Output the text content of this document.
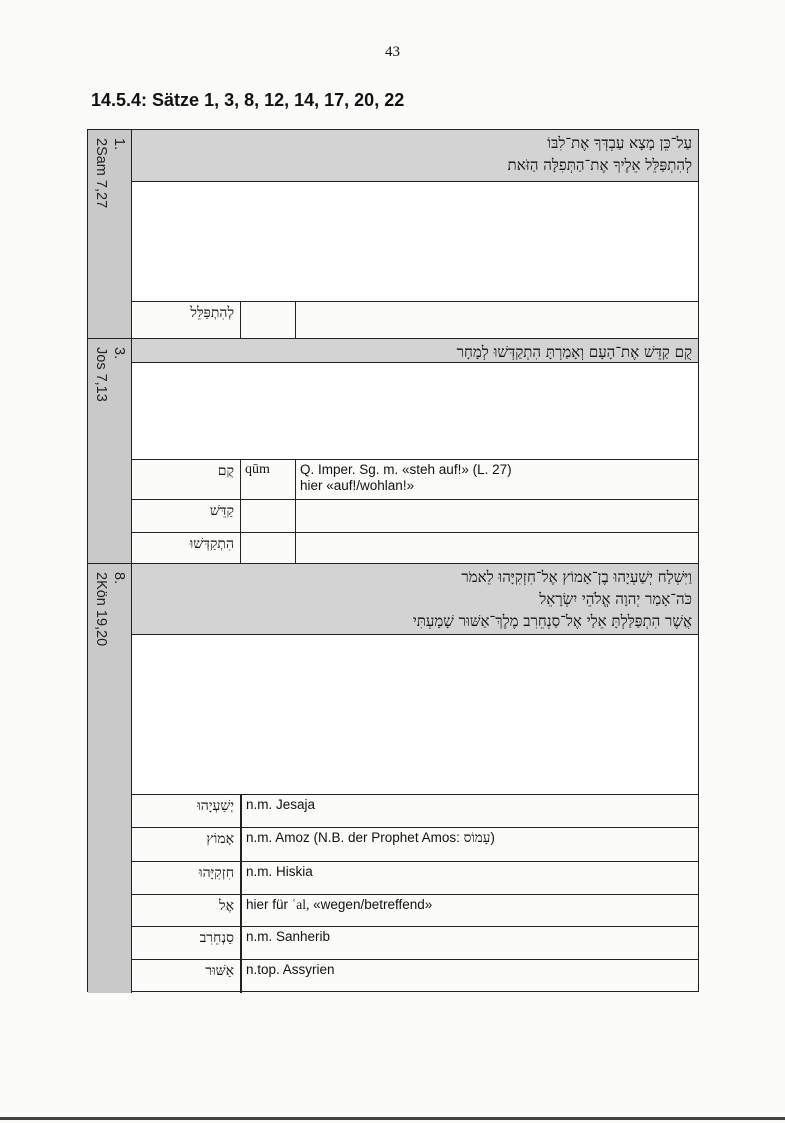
43
14.5.4: Sätze 1, 3, 8, 12, 14, 17, 20, 22
1.
2Sam 7,27
עַל־כֵּן מָצָא עַבְדְּךָ אֶת־לִבּוֹ
לְהִתְפַּלֵּל אֵלֶיךָ אֶת־הַתְּפִלָּה הַזֹּאת
לְהִתְפַּלֵּל
3.
Jos 7,13
קֻם קַדֵּשׁ אֶת־הָעָם וְאָמַרְתָּ הִתְקַדְּשׁוּ לְמָחָר
קֻם qūm	Q. Imper. Sg. m. «steh auf!» (L. 27)
hier «auf!/wohlan!»
קַדֵּשׁ
הִתְקַדְּשׁוּ
8.
2Kön 19,20
וַיִּשְׁלַח יְשַׁעְיָהוּ בֶן־אָמוֹץ אֶל־חִזְקִיָּהוּ לֵאמֹר
כֹּה־אָמַר יְהוָה אֱלֹהֵי יִשְׂרָאֵל
אֲשֶׁר הִתְפַּלַּלְתָּ אֵלַי אֶל־סַנְחֵרִב מֶלֶךְ־אַשּׁוּר שָׁמָעְתִּי
יְשַׁעְיָהוּ n.m. Jesaja
אָמוֹץ n.m. Amoz (N.B. der Prophet Amos: עָמוֹס)
חִזְקִיָּהוּ n.m. Hiskia
אֶל hier für ʿal, «wegen/betreffend»
סַנְחֵרִב n.m. Sanherib
אַשּׁוּר n.top. Assyrien
